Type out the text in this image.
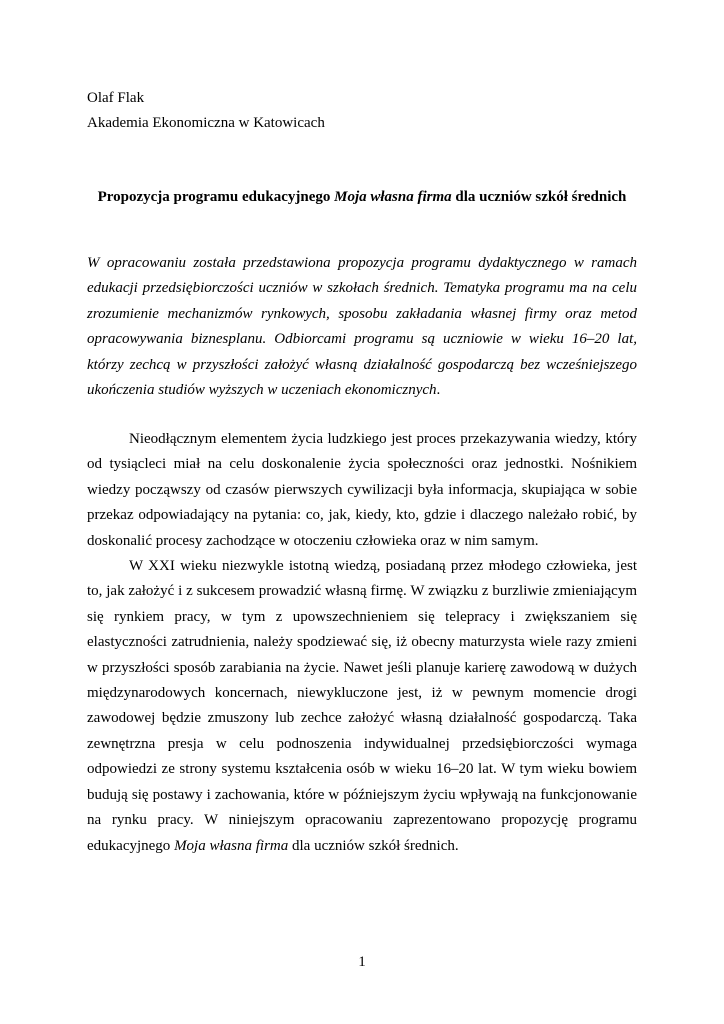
Olaf Flak
Akademia Ekonomiczna w Katowicach
Propozycja programu edukacyjnego Moja własna firma dla uczniów szkół średnich

W opracowaniu została przedstawiona propozycja programu dydaktycznego w ramach edukacji przedsiębiorczości uczniów w szkołach średnich. Tematyka programu ma na celu zrozumienie mechanizmów rynkowych, sposobu zakładania własnej firmy oraz metod opracowywania biznesplanu. Odbiorcami programu są uczniowie w wieku 16–20 lat, którzy zechcą w przyszłości założyć własną działalność gospodarczą bez wcześniejszego ukończenia studiów wyższych w uczeniach ekonomicznych.

Nieodłącznym elementem życia ludzkiego jest proces przekazywania wiedzy, który od tysiącleci miał na celu doskonalenie życia społeczności oraz jednostki. Nośnikiem wiedzy począwszy od czasów pierwszych cywilizacji była informacja, skupiająca w sobie przekaz odpowiadający na pytania: co, jak, kiedy, kto, gdzie i dlaczego należało robić, by doskonalić procesy zachodzące w otoczeniu człowieka oraz w nim samym.

W XXI wieku niezwykle istotną wiedzą, posiadaną przez młodego człowieka, jest to, jak założyć i z sukcesem prowadzić własną firmę. W związku z burzliwie zmieniającym się rynkiem pracy, w tym z upowszechnieniem się telepracy i zwiększaniem się elastyczności zatrudnienia, należy spodziewać się, iż obecny maturzysta wiele razy zmieni w przyszłości sposób zarabiania na życie. Nawet jeśli planuje karierę zawodową w dużych międzynarodowych koncernach, niewykluczone jest, iż w pewnym momencie drogi zawodowej będzie zmuszony lub zechce założyć własną działalność gospodarczą. Taka zewnętrzna presja w celu podnoszenia indywidualnej przedsiębiorczości wymaga odpowiedzi ze strony systemu kształcenia osób w wieku 16–20 lat. W tym wieku bowiem budują się postawy i zachowania, które w późniejszym życiu wpływają na funkcjonowanie na rynku pracy. W niniejszym opracowaniu zaprezentowano propozycję programu edukacyjnego Moja własna firma dla uczniów szkół średnich.

1
